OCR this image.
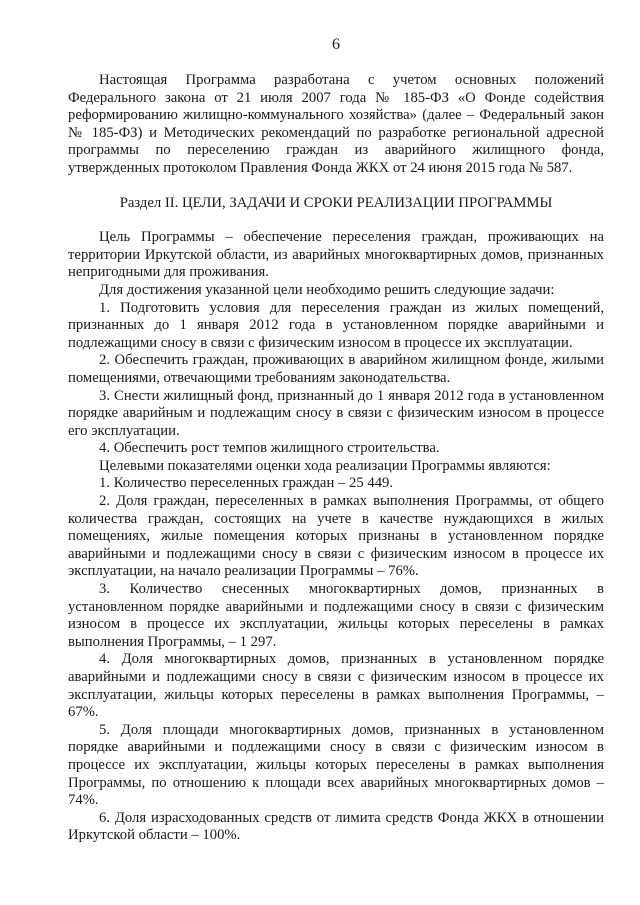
6

Настоящая Программа разработана с учетом основных положений Федерального закона от 21 июля 2007 года № 185-ФЗ «О Фонде содействия реформированию жилищно-коммунального хозяйства» (далее – Федеральный закон № 185-ФЗ) и Методических рекомендаций по разработке региональной адресной программы по переселению граждан из аварийного жилищного фонда, утвержденных протоколом Правления Фонда ЖКХ от 24 июня 2015 года № 587.

Раздел II. ЦЕЛИ, ЗАДАЧИ И СРОКИ РЕАЛИЗАЦИИ ПРОГРАММЫ

Цель Программы – обеспечение переселения граждан, проживающих на территории Иркутской области, из аварийных многоквартирных домов, признанных непригодными для проживания.

Для достижения указанной цели необходимо решить следующие задачи:

1. Подготовить условия для переселения граждан из жилых помещений, признанных до 1 января 2012 года в установленном порядке аварийными и подлежащими сносу в связи с физическим износом в процессе их эксплуатации.

2. Обеспечить граждан, проживающих в аварийном жилищном фонде, жилыми помещениями, отвечающими требованиям законодательства.

3. Снести жилищный фонд, признанный до 1 января 2012 года в установленном порядке аварийным и подлежащим сносу в связи с физическим износом в процессе его эксплуатации.

4. Обеспечить рост темпов жилищного строительства.

Целевыми показателями оценки хода реализации Программы являются:

1. Количество переселенных граждан – 25 449.

2. Доля граждан, переселенных в рамках выполнения Программы, от общего количества граждан, состоящих на учете в качестве нуждающихся в жилых помещениях, жилые помещения которых признаны в установленном порядке аварийными и подлежащими сносу в связи с физическим износом в процессе их эксплуатации, на начало реализации Программы – 76%.

3. Количество снесенных многоквартирных домов, признанных в установленном порядке аварийными и подлежащими сносу в связи с физическим износом в процессе их эксплуатации, жильцы которых переселены в рамках выполнения Программы, – 1 297.

4. Доля многоквартирных домов, признанных в установленном порядке аварийными и подлежащими сносу в связи с физическим износом в процессе их эксплуатации, жильцы которых переселены в рамках выполнения Программы, – 67%.

5. Доля площади многоквартирных домов, признанных в установленном порядке аварийными и подлежащими сносу в связи с физическим износом в процессе их эксплуатации, жильцы которых переселены в рамках выполнения Программы, по отношению к площади всех аварийных многоквартирных домов – 74%.

6. Доля израсходованных средств от лимита средств Фонда ЖКХ в отношении Иркутской области – 100%.
